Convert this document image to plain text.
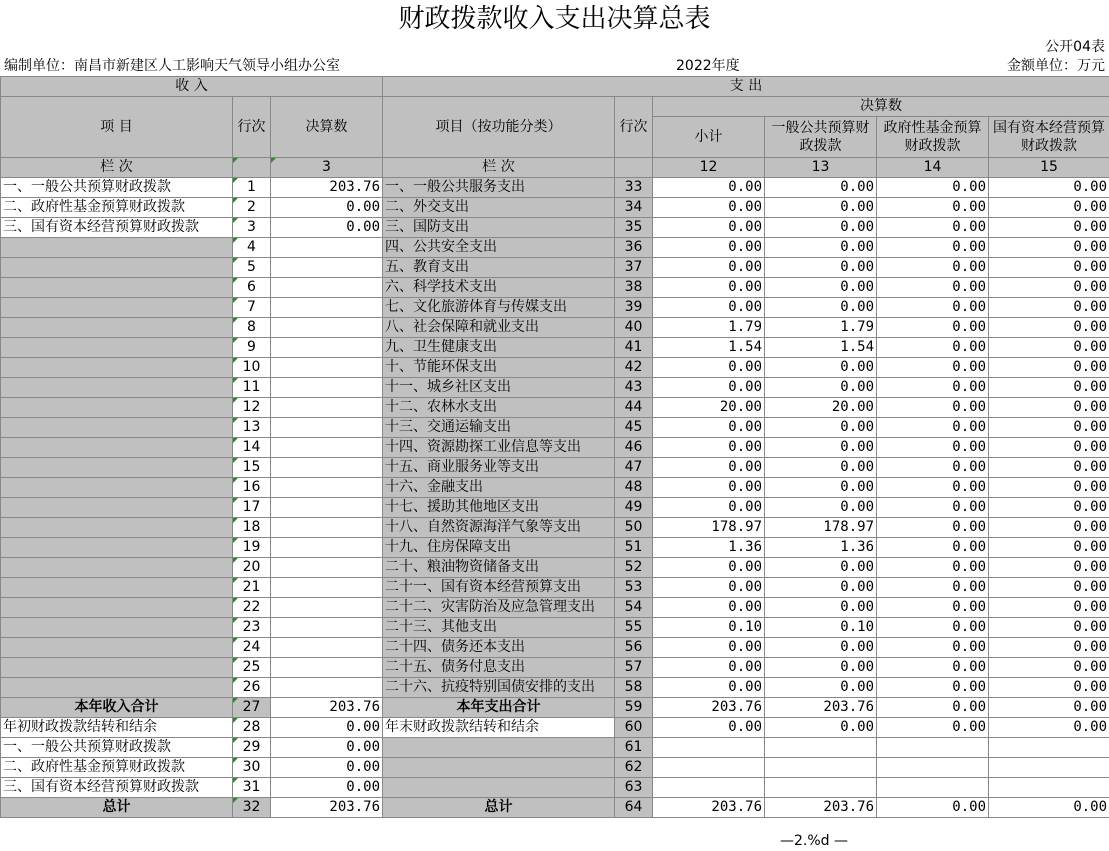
财政拨款收入支出决算总表
公开04表
编制单位：南昌市新建区人工影响天气领导小组办公室	2022年度	金额单位：万元
收 入			支 出					
项 目	行次	决算数	项目（按功能分类）	行次	决算数			
					小计	一般公共预算财政拨款	政府性基金预算财政拨款	国有资本经营预算财政拨款
栏 次		3	栏 次		12	13	14	15
一、一般公共预算财政拨款	1	203.76	一、一般公共服务支出	33	0.00	0.00	0.00	0.00
二、政府性基金预算财政拨款	2	0.00	二、外交支出	34	0.00	0.00	0.00	0.00
三、国有资本经营预算财政拨款	3	0.00	三、国防支出	35	0.00	0.00	0.00	0.00
	4		四、公共安全支出	36	0.00	0.00	0.00	0.00
	5		五、教育支出	37	0.00	0.00	0.00	0.00
	6		六、科学技术支出	38	0.00	0.00	0.00	0.00
	7		七、文化旅游体育与传媒支出	39	0.00	0.00	0.00	0.00
	8		八、社会保障和就业支出	40	1.79	1.79	0.00	0.00
	9		九、卫生健康支出	41	1.54	1.54	0.00	0.00
	10		十、节能环保支出	42	0.00	0.00	0.00	0.00
	11		十一、城乡社区支出	43	0.00	0.00	0.00	0.00
	12		十二、农林水支出	44	20.00	20.00	0.00	0.00
	13		十三、交通运输支出	45	0.00	0.00	0.00	0.00
	14		十四、资源勘探工业信息等支出	46	0.00	0.00	0.00	0.00
	15		十五、商业服务业等支出	47	0.00	0.00	0.00	0.00
	16		十六、金融支出	48	0.00	0.00	0.00	0.00
	17		十七、援助其他地区支出	49	0.00	0.00	0.00	0.00
	18		十八、自然资源海洋气象等支出	50	178.97	178.97	0.00	0.00
	19		十九、住房保障支出	51	1.36	1.36	0.00	0.00
	20		二十、粮油物资储备支出	52	0.00	0.00	0.00	0.00
	21		二十一、国有资本经营预算支出	53	0.00	0.00	0.00	0.00
	22		二十二、灾害防治及应急管理支出	54	0.00	0.00	0.00	0.00
	23		二十三、其他支出	55	0.10	0.10	0.00	0.00
	24		二十四、债务还本支出	56	0.00	0.00	0.00	0.00
	25		二十五、债务付息支出	57	0.00	0.00	0.00	0.00
	26		二十六、抗疫特别国债安排的支出	58	0.00	0.00	0.00	0.00
本年收入合计	27	203.76	本年支出合计	59	203.76	203.76	0.00	0.00
年初财政拨款结转和结余	28	0.00	年末财政拨款结转和结余	60	0.00	0.00	0.00	0.00
一、一般公共预算财政拨款	29	0.00		61				
二、政府性基金预算财政拨款	30	0.00		62				
三、国有资本经营预算财政拨款	31	0.00		63				
总计	32	203.76	总计	64	203.76	203.76	0.00	0.00
—2.%d —
